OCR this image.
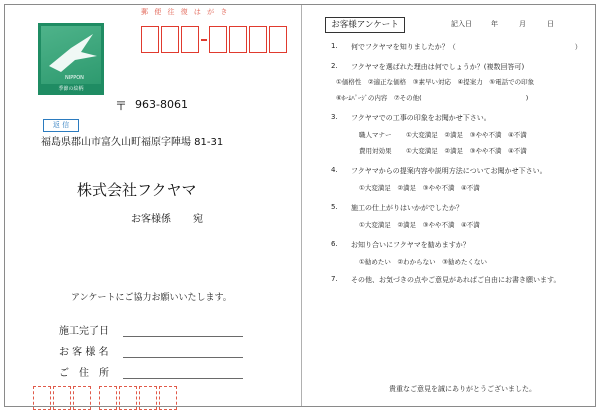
郵 便 往 復 は が き
NIPPON
季節の絵柄
返 信
〒 963-8061
福島県郡山市富久山町福原字陣場 81-31
株式会社フクヤマ
お客様係 宛
アンケートにご協力お願いいたします。
施工完了日
お 客 様 名
ご　住　所
お客様アンケート	記入日	年	月	日
1. 何でフクヤマを知りましたか？（　　　　　　　　　　　　　　　　　）
2. フクヤマを選ばれた理由は何でしょうか？(複数回答可)
①価格性　②適正な価格　③素早い対応　④提案力　⑤電話での印象
⑥ﾎｰﾑﾍﾟｰｼﾞの内容　⑦その他(　　　　　　　　　　　　　　　　)
3. フクヤマでの工事の印象をお聞かせ下さい。
職人マナー ①大変満足　②満足　③やや不満　④不満
費用対効果 ①大変満足　②満足　③やや不満　④不満
4. フクヤマからの提案内容や説明方法についてお聞かせ下さい。
①大変満足　②満足　③やや不満　④不満
5. 施工の仕上がりはいかがでしたか？
①大変満足　②満足　③やや不満　④不満
6. お知り合いにフクヤマを勧めますか？
①勧めたい　②わからない　③勧めたくない
7. その他、お気づきの点やご意見があればご自由にお書き願います。
貴重なご意見を誠にありがとうございました。
